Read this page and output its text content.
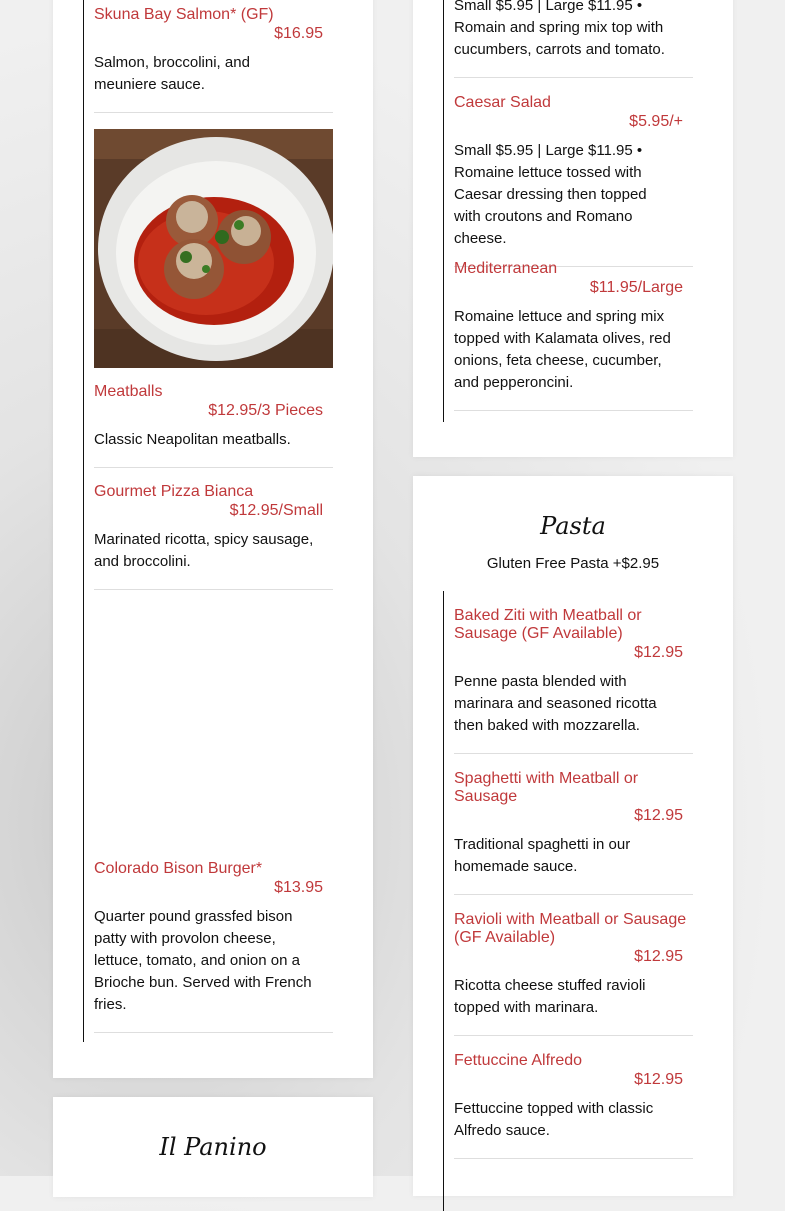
Skuna Bay Salmon* (GF)
$16.95
Salmon, broccolini, and meuniere sauce.
Meatballs
$12.95/3 Pieces
Classic Neapolitan meatballs.
Gourmet Pizza Bianca
$12.95/Small
Marinated ricotta, spicy sausage, and broccolini.
Colorado Bison Burger*
$13.95
Quarter pound grassfed bison patty with provolon cheese, lettuce, tomato, and onion on a Brioche bun. Served with French fries.
Small $5.95 | Large $11.95 • Romain and spring mix top with cucumbers, carrots and tomato.
Caesar Salad
$5.95/+
Small $5.95 | Large $11.95 • Romaine lettuce tossed with Caesar dressing then topped with croutons and Romano cheese.
Mediterranean
$11.95/Large
Romaine lettuce and spring mix topped with Kalamata olives, red onions, feta cheese, cucumber, and pepperoncini.
Pasta
Gluten Free Pasta +$2.95
Baked Ziti with Meatball or Sausage (GF Available)
$12.95
Penne pasta blended with marinara and seasoned ricotta then baked with mozzarella.
Spaghetti with Meatball or Sausage
$12.95
Traditional spaghetti in our homemade sauce.
Ravioli with Meatball or Sausage (GF Available)
$12.95
Ricotta cheese stuffed ravioli topped with marinara.
Fettuccine Alfredo
$12.95
Fettuccine topped with classic Alfredo sauce.
Il Panino
